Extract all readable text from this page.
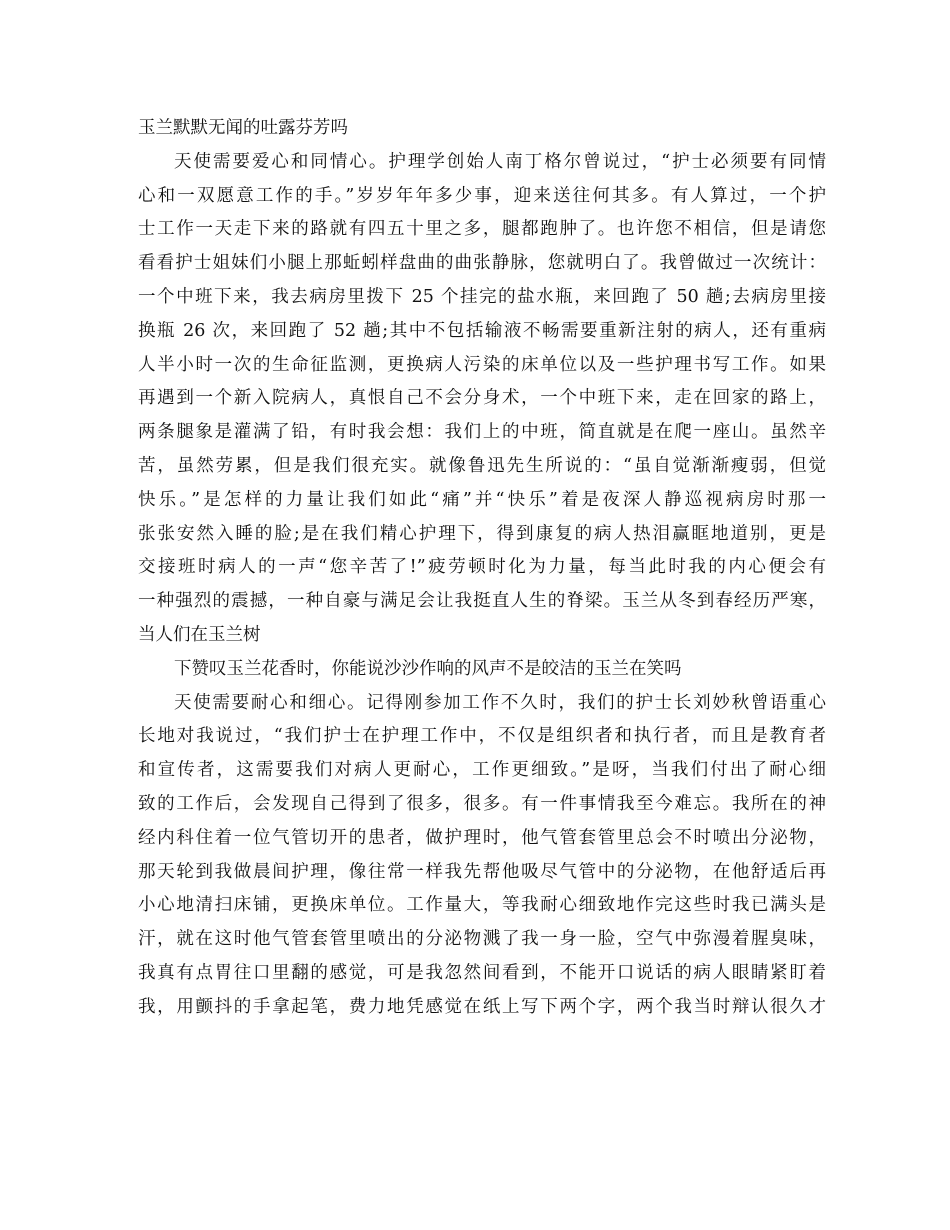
玉兰默默无闻的吐露芬芳吗
天使需要爱心和同情心。护理学创始人南丁格尔曾说过，“护士必须要有同情
心和一双愿意工作的手。”岁岁年年多少事，迎来送往何其多。有人算过，一个护
士工作一天走下来的路就有四五十里之多，腿都跑肿了。也许您不相信，但是请您
看看护士姐妹们小腿上那蚯蚓样盘曲的曲张静脉，您就明白了。我曾做过一次统计：
一个中班下来，我去病房里拨下 25 个挂完的盐水瓶，来回跑了 50 趟;去病房里接
换瓶 26 次，来回跑了 52 趟;其中不包括输液不畅需要重新注射的病人，还有重病
人半小时一次的生命征监测，更换病人污染的床单位以及一些护理书写工作。如果
再遇到一个新入院病人，真恨自己不会分身术，一个中班下来，走在回家的路上，
两条腿象是灌满了铅，有时我会想：我们上的中班，简直就是在爬一座山。虽然辛
苦，虽然劳累，但是我们很充实。就像鲁迅先生所说的：“虽自觉渐渐瘦弱，但觉
快乐。”是怎样的力量让我们如此“痛”并“快乐”着是夜深人静巡视病房时那一
张张安然入睡的脸;是在我们精心护理下，得到康复的病人热泪赢眶地道别，更是
交接班时病人的一声“您辛苦了!”疲劳顿时化为力量，每当此时我的内心便会有
一种强烈的震撼，一种自豪与满足会让我挺直人生的脊梁。玉兰从冬到春经历严寒，
当人们在玉兰树
下赞叹玉兰花香时，你能说沙沙作响的风声不是皎洁的玉兰在笑吗
天使需要耐心和细心。记得刚参加工作不久时，我们的护士长刘妙秋曾语重心
长地对我说过，“我们护士在护理工作中，不仅是组织者和执行者，而且是教育者
和宣传者，这需要我们对病人更耐心，工作更细致。”是呀，当我们付出了耐心细
致的工作后，会发现自己得到了很多，很多。有一件事情我至今难忘。我所在的神
经内科住着一位气管切开的患者，做护理时，他气管套管里总会不时喷出分泌物，
那天轮到我做晨间护理，像往常一样我先帮他吸尽气管中的分泌物，在他舒适后再
小心地清扫床铺，更换床单位。工作量大，等我耐心细致地作完这些时我已满头是
汗，就在这时他气管套管里喷出的分泌物溅了我一身一脸，空气中弥漫着腥臭味，
我真有点胃往口里翻的感觉，可是我忽然间看到，不能开口说话的病人眼睛紧盯着
我，用颤抖的手拿起笔，费力地凭感觉在纸上写下两个字，两个我当时辩认很久才
